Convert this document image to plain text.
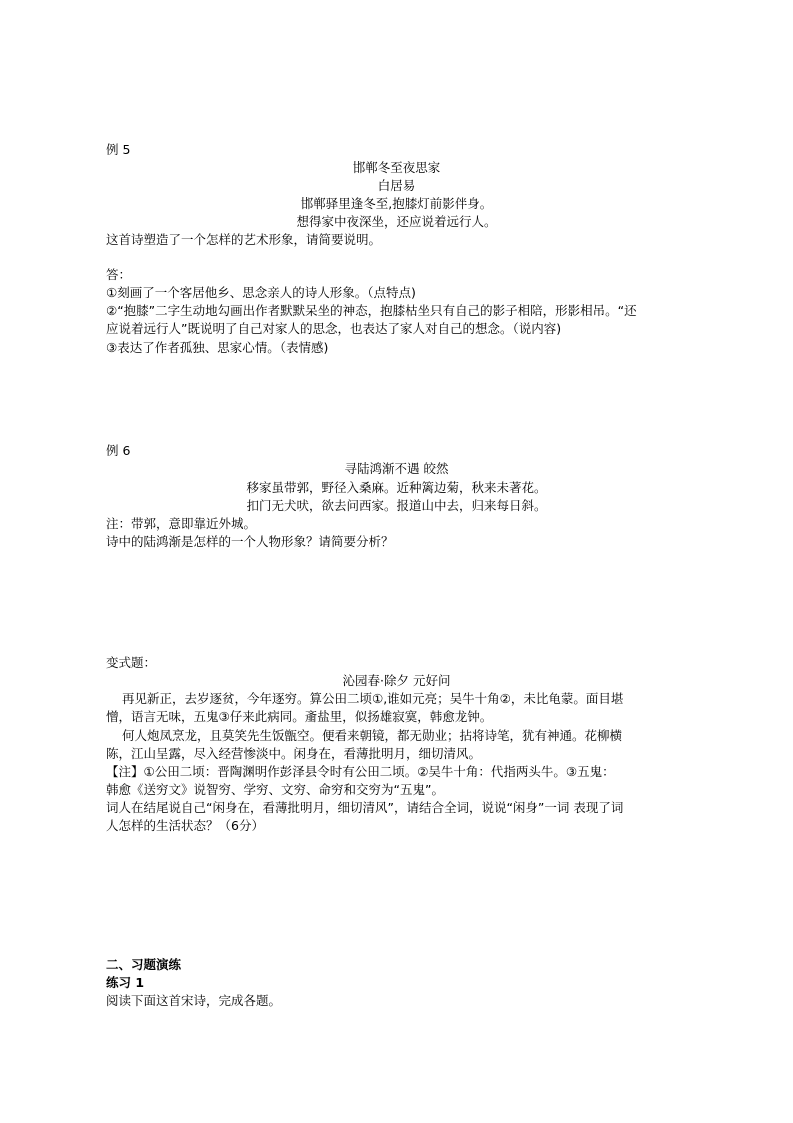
例 5
邯郸冬至夜思家
白居易
邯郸驿里逢冬至,抱膝灯前影伴身。
想得家中夜深坐，还应说着远行人。
这首诗塑造了一个怎样的艺术形象，请简要说明。
答：
①刻画了一个客居他乡、思念亲人的诗人形象。（点特点)
②“抱膝”二字生动地勾画出作者默默呆坐的神态，抱膝枯坐只有自己的影子相陪，形影相吊。“还
应说着远行人”既说明了自己对家人的思念，也表达了家人对自己的想念。（说内容)
③表达了作者孤独、思家心情。（表情感)
例 6
寻陆鸿渐不遇 皎然
移家虽带郭，野径入桑麻。近种篱边菊，秋来未著花。
扣门无犬吠，欲去问西家。报道山中去，归来每日斜。
注：带郭，意即靠近外城。
诗中的陆鸿渐是怎样的一个人物形象？请简要分析？
变式题：
沁园春·除夕 元好问
再见新正，去岁逐贫，今年逐穷。算公田二顷①,谁如元亮；吴牛十角②，未比龟蒙。面目堪
憎，语言无味，五鬼③仔来此病同。齑盐里，似扬雄寂寞，韩愈龙钟。
何人炮凤烹龙，且莫笑先生饭甑空。便看来朝镜，都无勋业；拈将诗笔，犹有神通。花柳横
陈，江山呈露，尽入经营惨淡中。闲身在，看薄批明月，细切清风。
【注】①公田二顷：晋陶渊明作彭泽县令时有公田二顷。②吴牛十角：代指两头牛。③五鬼：
韩愈《送穷文》说智穷、学穷、文穷、命穷和交穷为“五鬼”。
词人在结尾说自己“闲身在，看薄批明月，细切清风”，请结合全词，说说“闲身”一词 表现了词
人怎样的生活状态？（6分）
二、习题演练
练习 1
阅读下面这首宋诗，完成各题。
